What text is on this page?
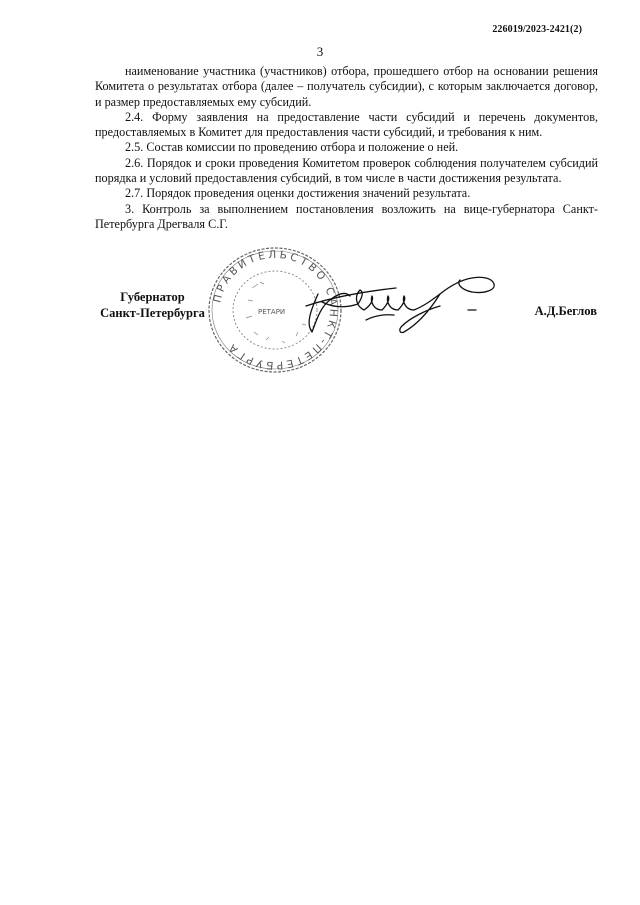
226019/2023-2421(2)
3

наименование участника (участников) отбора, прошедшего отбор на основании решения Комитета о результатах отбора (далее – получатель субсидии), с которым заключается договор, и размер предоставляемых ему субсидий.

2.4. Форму заявления на предоставление части субсидий и перечень документов, предоставляемых в Комитет для предоставления части субсидий, и требования к ним.

2.5. Состав комиссии по проведению отбора и положение о ней.

2.6. Порядок и сроки проведения Комитетом проверок соблюдения получателем субсидий порядка и условий предоставления субсидий, в том числе в части достижения результата.

2.7. Порядок проведения оценки достижения значений результата.

3. Контроль за выполнением постановления возложить на вице-губернатора Санкт-Петербурга Дрегваля С.Г.

ПРАВИТЕЛЬСТВО САНКТ-ПЕТЕРБУРГА
РЕТАРИ
Губернатор
Санкт-Петербурга	А.Д.Беглов
